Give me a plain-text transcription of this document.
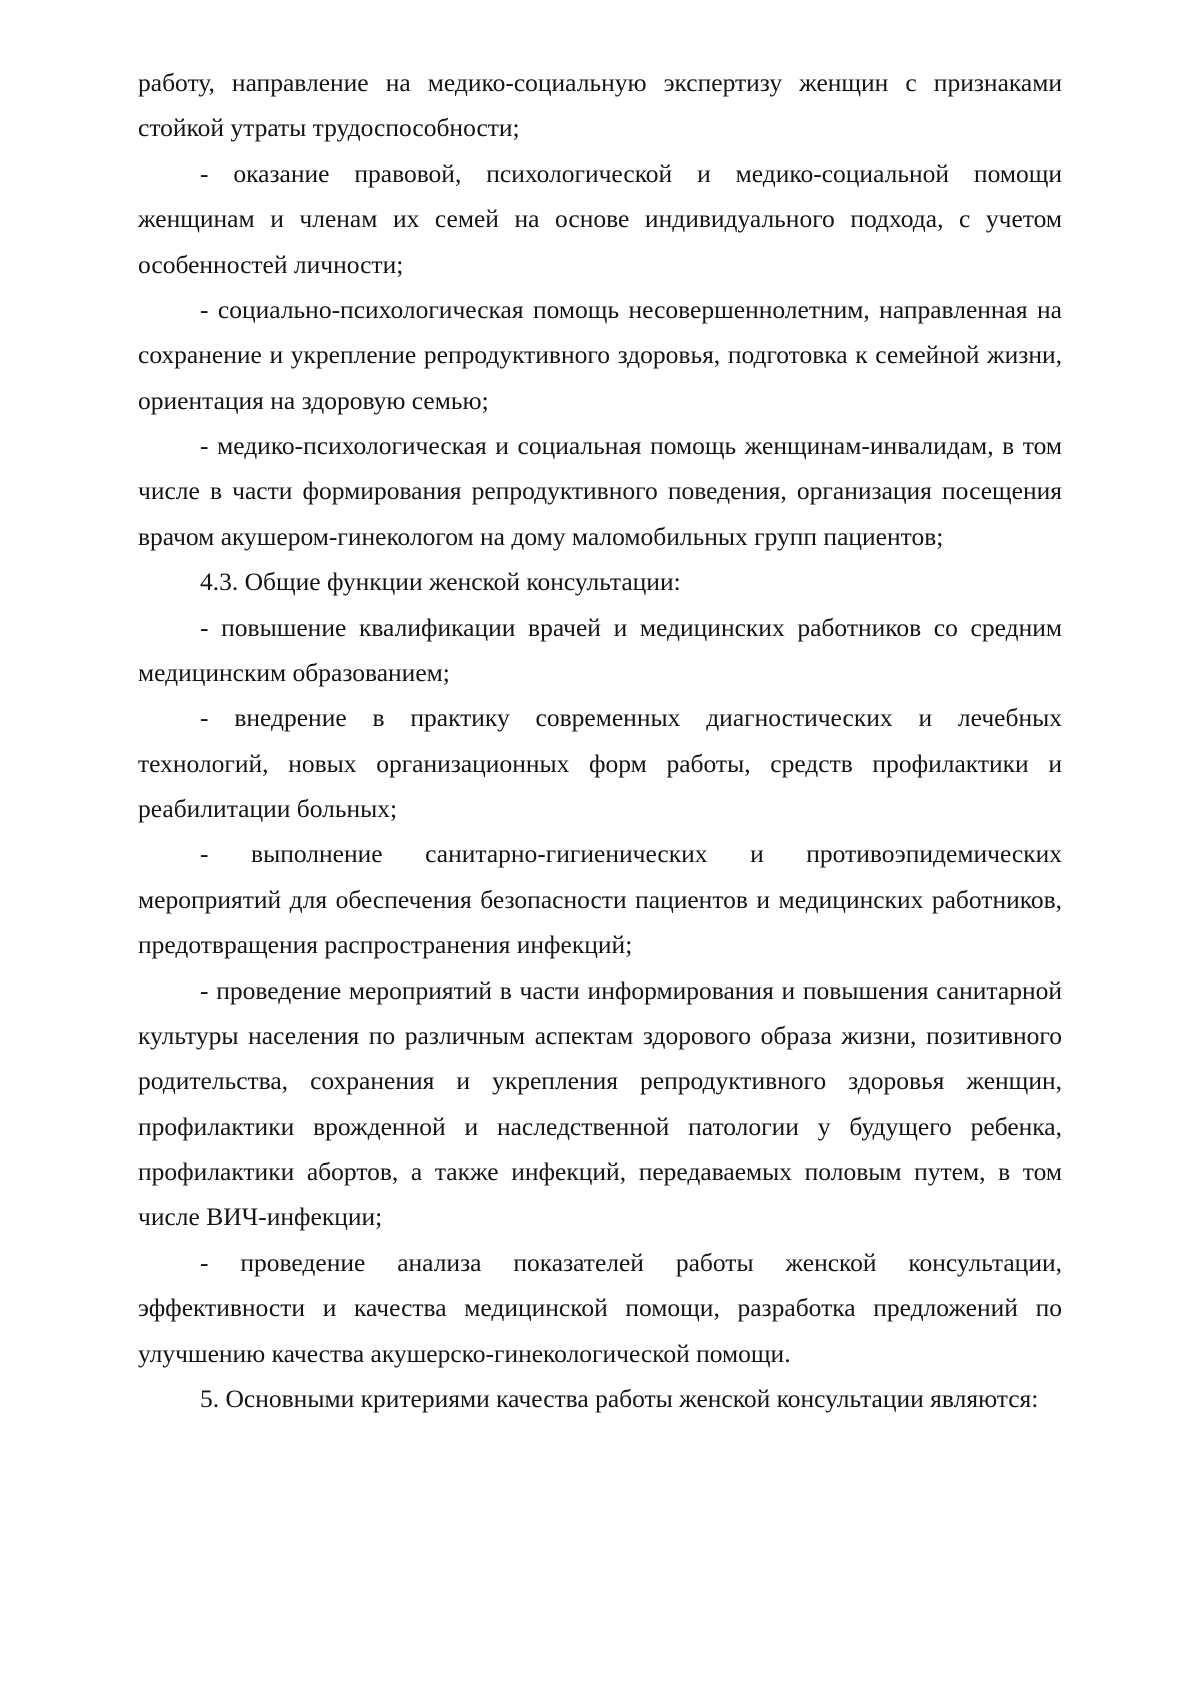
работу, направление на медико-социальную экспертизу женщин с признаками стойкой утраты трудоспособности;

- оказание правовой, психологической и медико-социальной помощи женщинам и членам их семей на основе индивидуального подхода, с учетом особенностей личности;

- социально-психологическая помощь несовершеннолетним, направленная на сохранение и укрепление репродуктивного здоровья, подготовка к семейной жизни, ориентация на здоровую семью;

- медико-психологическая и социальная помощь женщинам-инвалидам, в том числе в части формирования репродуктивного поведения, организация посещения врачом акушером-гинекологом на дому маломобильных групп пациентов;

4.3. Общие функции женской консультации:

- повышение квалификации врачей и медицинских работников со средним медицинским образованием;

- внедрение в практику современных диагностических и лечебных технологий, новых организационных форм работы, средств профилактики и реабилитации больных;

- выполнение санитарно-гигиенических и противоэпидемических мероприятий для обеспечения безопасности пациентов и медицинских работников, предотвращения распространения инфекций;

- проведение мероприятий в части информирования и повышения санитарной культуры населения по различным аспектам здорового образа жизни, позитивного родительства, сохранения и укрепления репродуктивного здоровья женщин, профилактики врожденной и наследственной патологии у будущего ребенка, профилактики абортов, а также инфекций, передаваемых половым путем, в том числе ВИЧ-инфекции;

- проведение анализа показателей работы женской консультации, эффективности и качества медицинской помощи, разработка предложений по улучшению качества акушерско-гинекологической помощи.

5. Основными критериями качества работы женской консультации являются:
